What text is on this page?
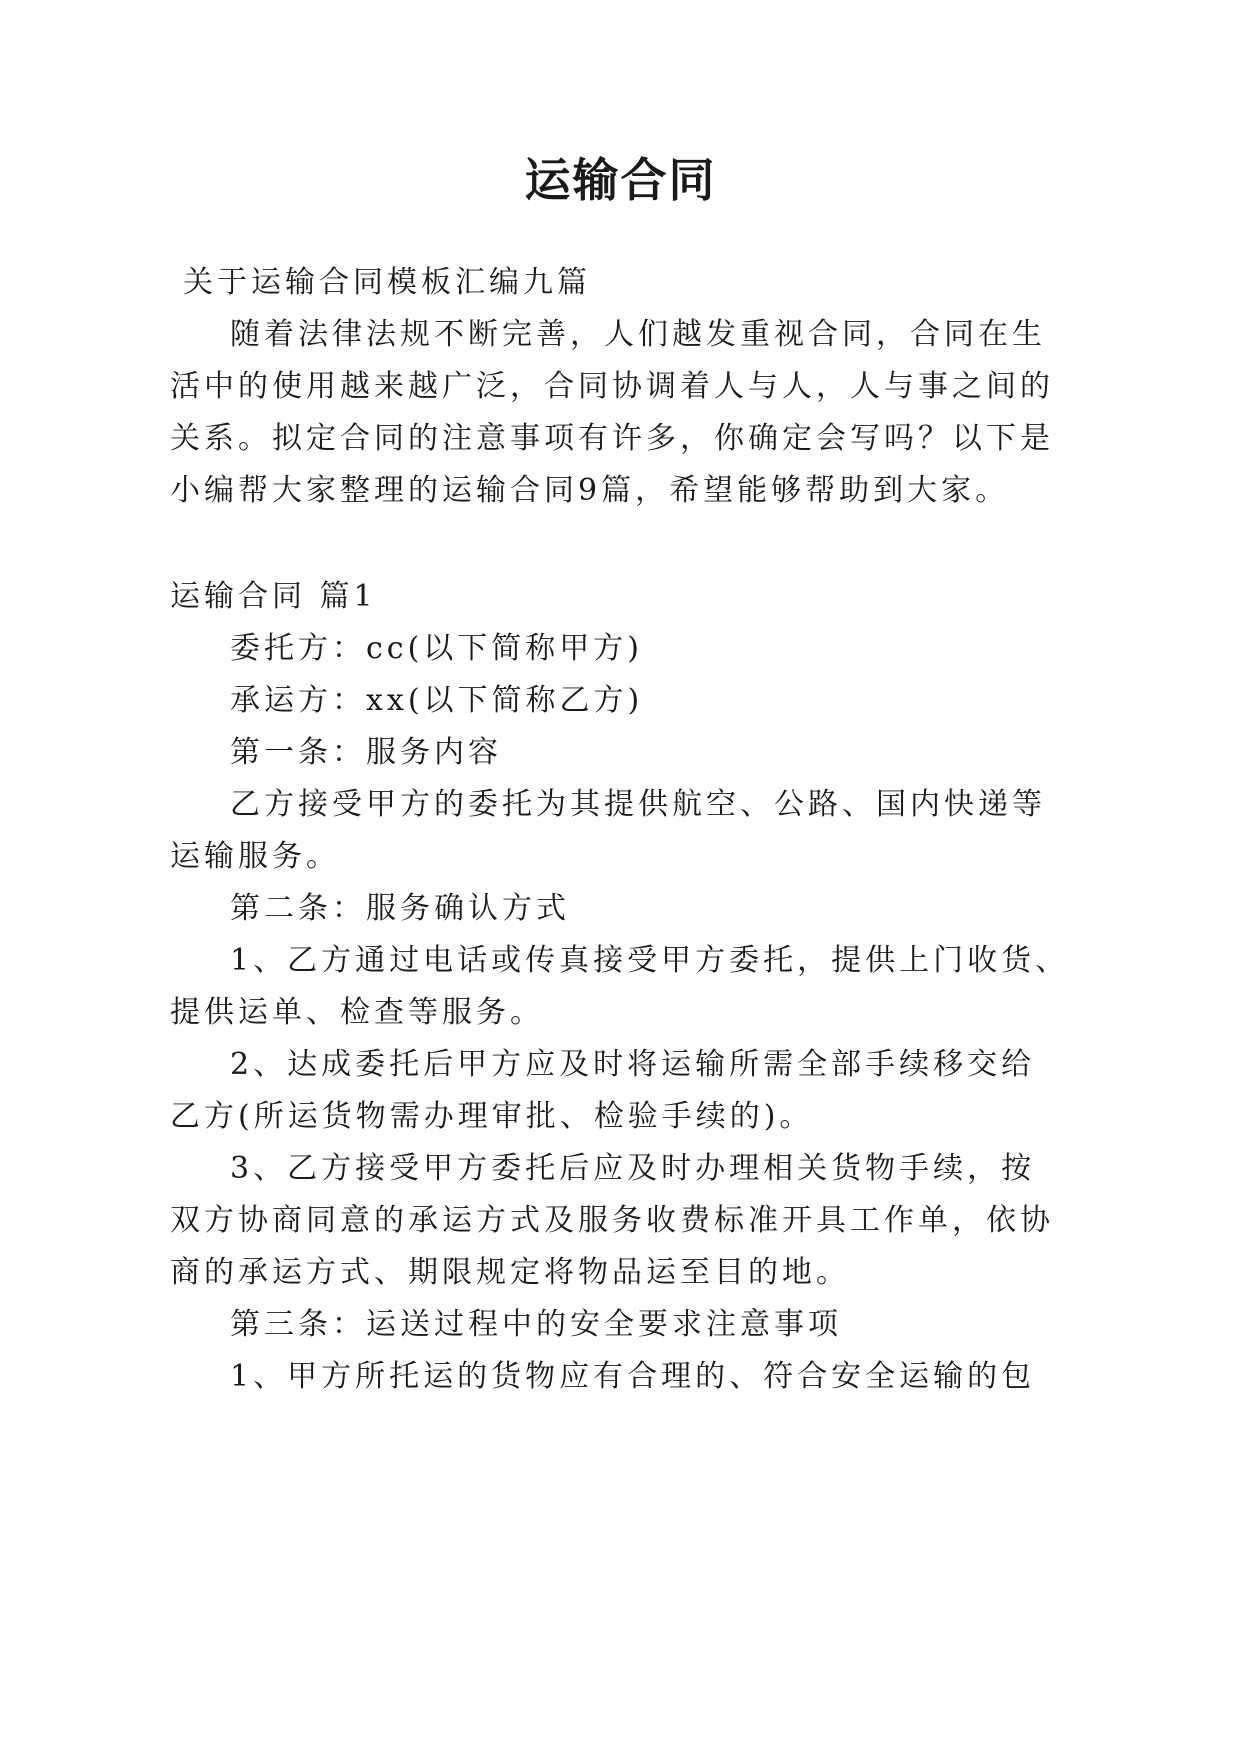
运输合同

关于运输合同模板汇编九篇

随着法律法规不断完善，人们越发重视合同，合同在生

活中的使用越来越广泛，合同协调着人与人，人与事之间的

关系。拟定合同的注意事项有许多，你确定会写吗？以下是

小编帮大家整理的运输合同9篇，希望能够帮助到大家。

运输合同 篇1

委托方：cc(以下简称甲方)

承运方：xx(以下简称乙方)

第一条：服务内容

乙方接受甲方的委托为其提供航空、公路、国内快递等

运输服务。

第二条：服务确认方式

1、乙方通过电话或传真接受甲方委托，提供上门收货、

提供运单、检查等服务。

2、达成委托后甲方应及时将运输所需全部手续移交给

乙方(所运货物需办理审批、检验手续的)。

3、乙方接受甲方委托后应及时办理相关货物手续，按

双方协商同意的承运方式及服务收费标准开具工作单，依协

商的承运方式、期限规定将物品运至目的地。

第三条：运送过程中的安全要求注意事项

1、甲方所托运的货物应有合理的、符合安全运输的包
